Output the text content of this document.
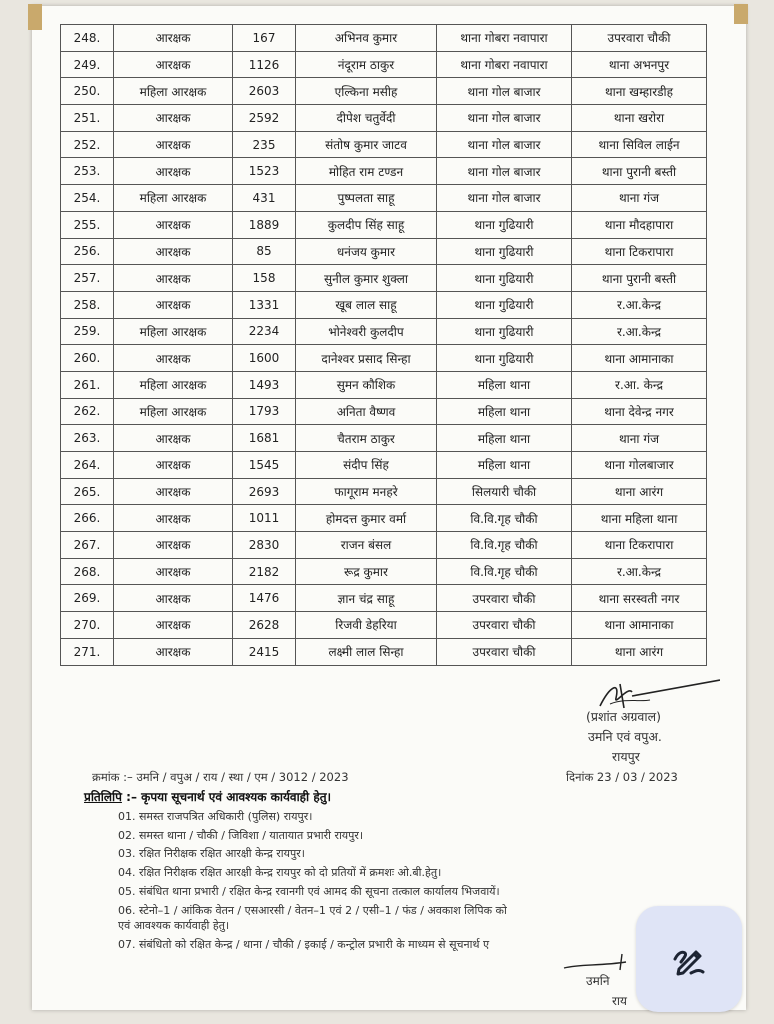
248.	आरक्षक	167	अभिनव कुमार	थाना गोबरा नवापारा	उपरवारा चौकी
249.	आरक्षक	1126	नंदूराम ठाकुर	थाना गोबरा नवापारा	थाना अभनपुर
250.	महिला आरक्षक	2603	एल्किना मसीह	थाना गोल बाजार	थाना खम्हारडीह
251.	आरक्षक	2592	दीपेश चतुर्वेदी	थाना गोल बाजार	थाना खरोरा
252.	आरक्षक	235	संतोष कुमार जाटव	थाना गोल बाजार	थाना सिविल लाईन
253.	आरक्षक	1523	मोहित राम टण्डन	थाना गोल बाजार	थाना पुरानी बस्ती
254.	महिला आरक्षक	431	पुष्पलता साहू	थाना गोल बाजार	थाना गंज
255.	आरक्षक	1889	कुलदीप सिंह साहू	थाना गुढियारी	थाना मौदहापारा
256.	आरक्षक	85	धनंजय कुमार	थाना गुढियारी	थाना टिकरापारा
257.	आरक्षक	158	सुनील कुमार शुक्ला	थाना गुढियारी	थाना पुरानी बस्ती
258.	आरक्षक	1331	खूब लाल साहू	थाना गुढियारी	र.आ.केन्द्र
259.	महिला आरक्षक	2234	भोनेश्वरी कुलदीप	थाना गुढियारी	र.आ.केन्द्र
260.	आरक्षक	1600	दानेश्वर प्रसाद सिन्हा	थाना गुढियारी	थाना आमानाका
261.	महिला आरक्षक	1493	सुमन कौशिक	महिला थाना	र.आ. केन्द्र
262.	महिला आरक्षक	1793	अनिता वैष्णव	महिला थाना	थाना देवेन्द्र नगर
263.	आरक्षक	1681	चैतराम ठाकुर	महिला थाना	थाना गंज
264.	आरक्षक	1545	संदीप सिंह	महिला थाना	थाना गोलबाजार
265.	आरक्षक	2693	फागूराम मनहरे	सिलयारी चौकी	थाना आरंग
266.	आरक्षक	1011	होमदत्त कुमार वर्मा	वि.वि.गृह चौकी	थाना महिला थाना
267.	आरक्षक	2830	राजन बंसल	वि.वि.गृह चौकी	थाना टिकरापारा
268.	आरक्षक	2182	रूद्र कुमार	वि.वि.गृह चौकी	र.आ.केन्द्र
269.	आरक्षक	1476	ज्ञान चंद्र साहू	उपरवारा चौकी	थाना सरस्वती नगर
270.	आरक्षक	2628	रिजवी डेहरिया	उपरवारा चौकी	थाना आमानाका
271.	आरक्षक	2415	लक्ष्मी लाल सिन्हा	उपरवारा चौकी	थाना आरंग
(प्रशांत अग्रवाल)
उमनि एवं वपुअ.
रायपुर
क्रमांक :– उमनि / वपुअ / राय / स्था / एम / 3012 / 2023	दिनांक 23 / 03 / 2023
प्रतिलिपि :– कृपया सूचनार्थ एवं आवश्यक कार्यवाही हेतु।
01. समस्त राजपत्रित अधिकारी (पुलिस) रायपुर।
02. समस्त थाना / चौकी / जिविशा / यातायात प्रभारी रायपुर।
03. रक्षित निरीक्षक रक्षित आरक्षी केन्द्र रायपुर।
04. रक्षित निरीक्षक रक्षित आरक्षी केन्द्र रायपुर को दो प्रतियों में क्रमशः ओ.बी.हेतु।
05. संबंधित थाना प्रभारी / रक्षित केन्द्र रवानगी एवं आमद की सूचना तत्काल कार्यालय भिजवायें।
06. स्टेनो–1 / आंकिक वेतन / एसआरसी / वेतन–1 एवं 2 / एसी–1 / फंड / अवकाश लिपिक को
एवं आवश्यक कार्यवाही हेतु।
07. संबंधितो को रक्षित केन्द्र / थाना / चौकी / इकाई / कन्ट्रोल प्रभारी के माध्यम से सूचनार्थ ए
उमनि
राय
